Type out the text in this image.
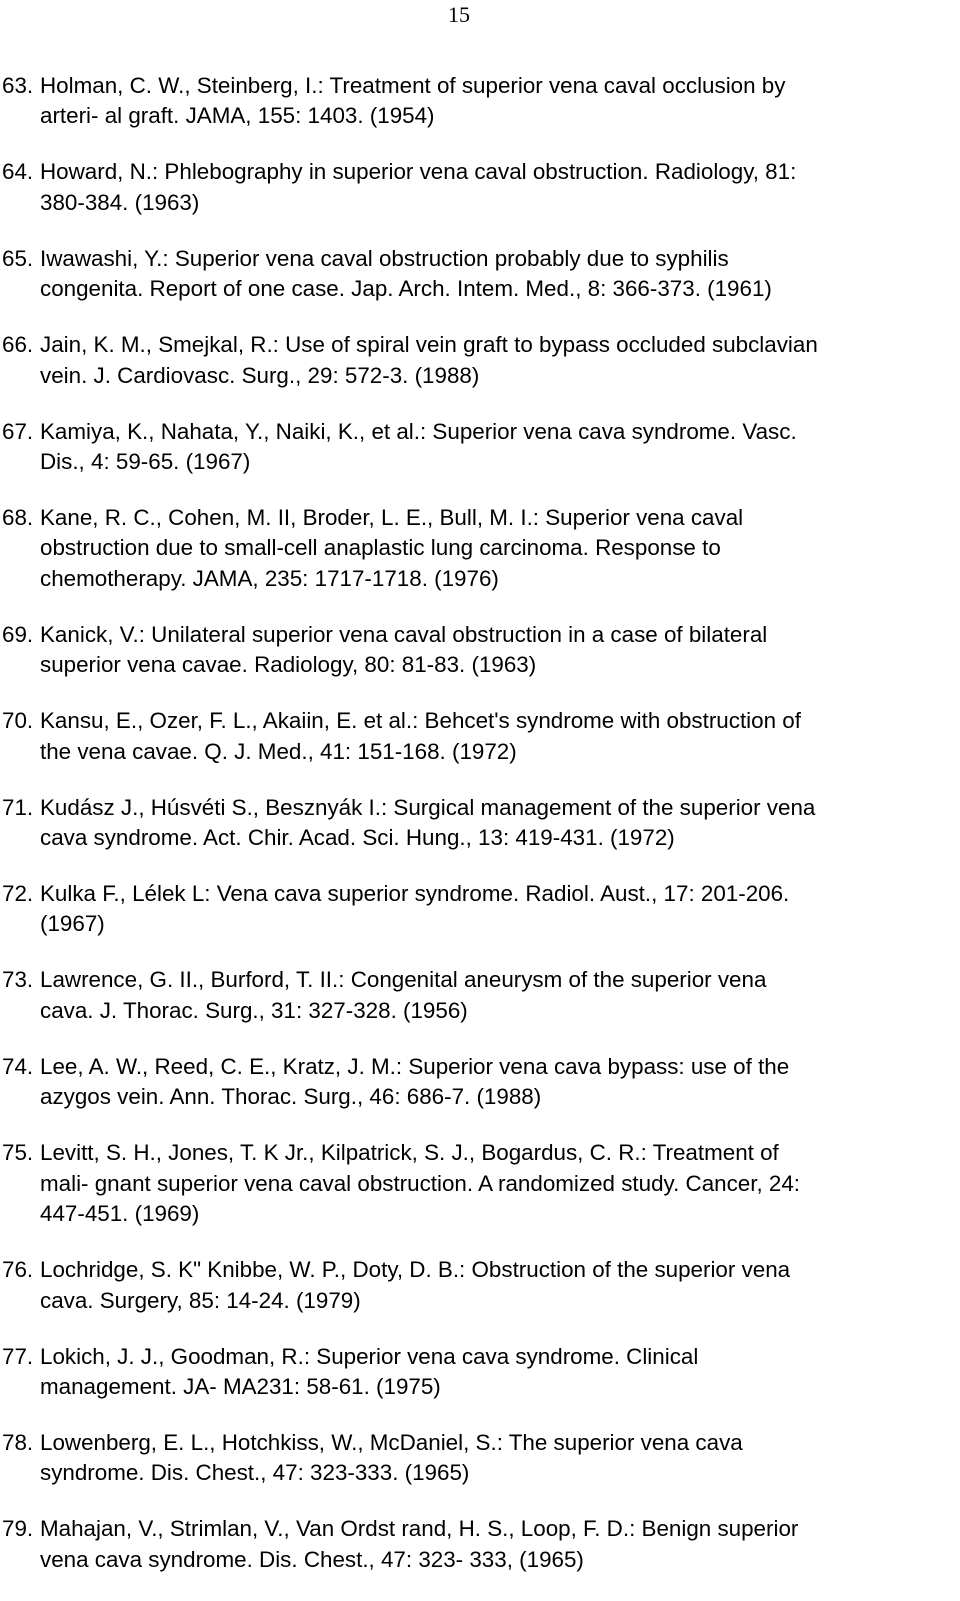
15
63. Holman, C. W., Steinberg, I.: Treatment of superior vena caval occlusion by
arteri- al graft. JAMA, 155: 1403. (1954)
64. Howard, N.: Phlebography in superior vena caval obstruction. Radiology, 81:
380-384. (1963)
65. Iwawashi, Y.: Superior vena caval obstruction probably due to syphilis
congenita. Report of one case. Jap. Arch. Intem. Med., 8: 366-373. (1961)
66. Jain, K. M., Smejkal, R.: Use of spiral vein graft to bypass occluded subclavian
vein. J. Cardiovasc. Surg., 29: 572-3. (1988)
67. Kamiya, K., Nahata, Y., Naiki, K., et al.: Superior vena cava syndrome. Vasc.
Dis., 4: 59-65. (1967)
68. Kane, R. C., Cohen, M. II, Broder, L. E., Bull, M. I.: Superior vena caval
obstruction due to small-cell anaplastic lung carcinoma. Response to
chemotherapy. JAMA, 235: 1717-1718. (1976)
69. Kanick, V.: Unilateral superior vena caval obstruction in a case of bilateral
superior vena cavae. Radiology, 80: 81-83. (1963)
70. Kansu, E., Ozer, F. L., Akaiin, E. et al.: Behcet's syndrome with obstruction of
the vena cavae. Q. J. Med., 41: 151-168. (1972)
71. Kudász J., Húsvéti S., Besznyák I.: Surgical management of the superior vena
cava syndrome. Act. Chir. Acad. Sci. Hung., 13: 419-431. (1972)
72. Kulka F., Lélek L: Vena cava superior syndrome. Radiol. Aust., 17: 201-206.
(1967)
73. Lawrence, G. II., Burford, T. II.: Congenital aneurysm of the superior vena
cava. J. Thorac. Surg., 31: 327-328. (1956)
74. Lee, A. W., Reed, C. E., Kratz, J. M.: Superior vena cava bypass: use of the
azygos vein. Ann. Thorac. Surg., 46: 686-7. (1988)
75. Levitt, S. H., Jones, T. K Jr., Kilpatrick, S. J., Bogardus, C. R.: Treatment of
mali- gnant superior vena caval obstruction. A randomized study. Cancer, 24:
447-451. (1969)
76. Lochridge, S. K" Knibbe, W. P., Doty, D. B.: Obstruction of the superior vena
cava. Surgery, 85: 14-24. (1979)
77. Lokich, J. J., Goodman, R.: Superior vena cava syndrome. Clinical
management. JA- MA231: 58-61. (1975)
78. Lowenberg, E. L., Hotchkiss, W., McDaniel, S.: The superior vena cava
syndrome. Dis. Chest., 47: 323-333. (1965)
79. Mahajan, V., Strimlan, V., Van Ordst rand, H. S., Loop, F. D.: Benign superior
vena cava syndrome. Dis. Chest., 47: 323- 333, (1965)
